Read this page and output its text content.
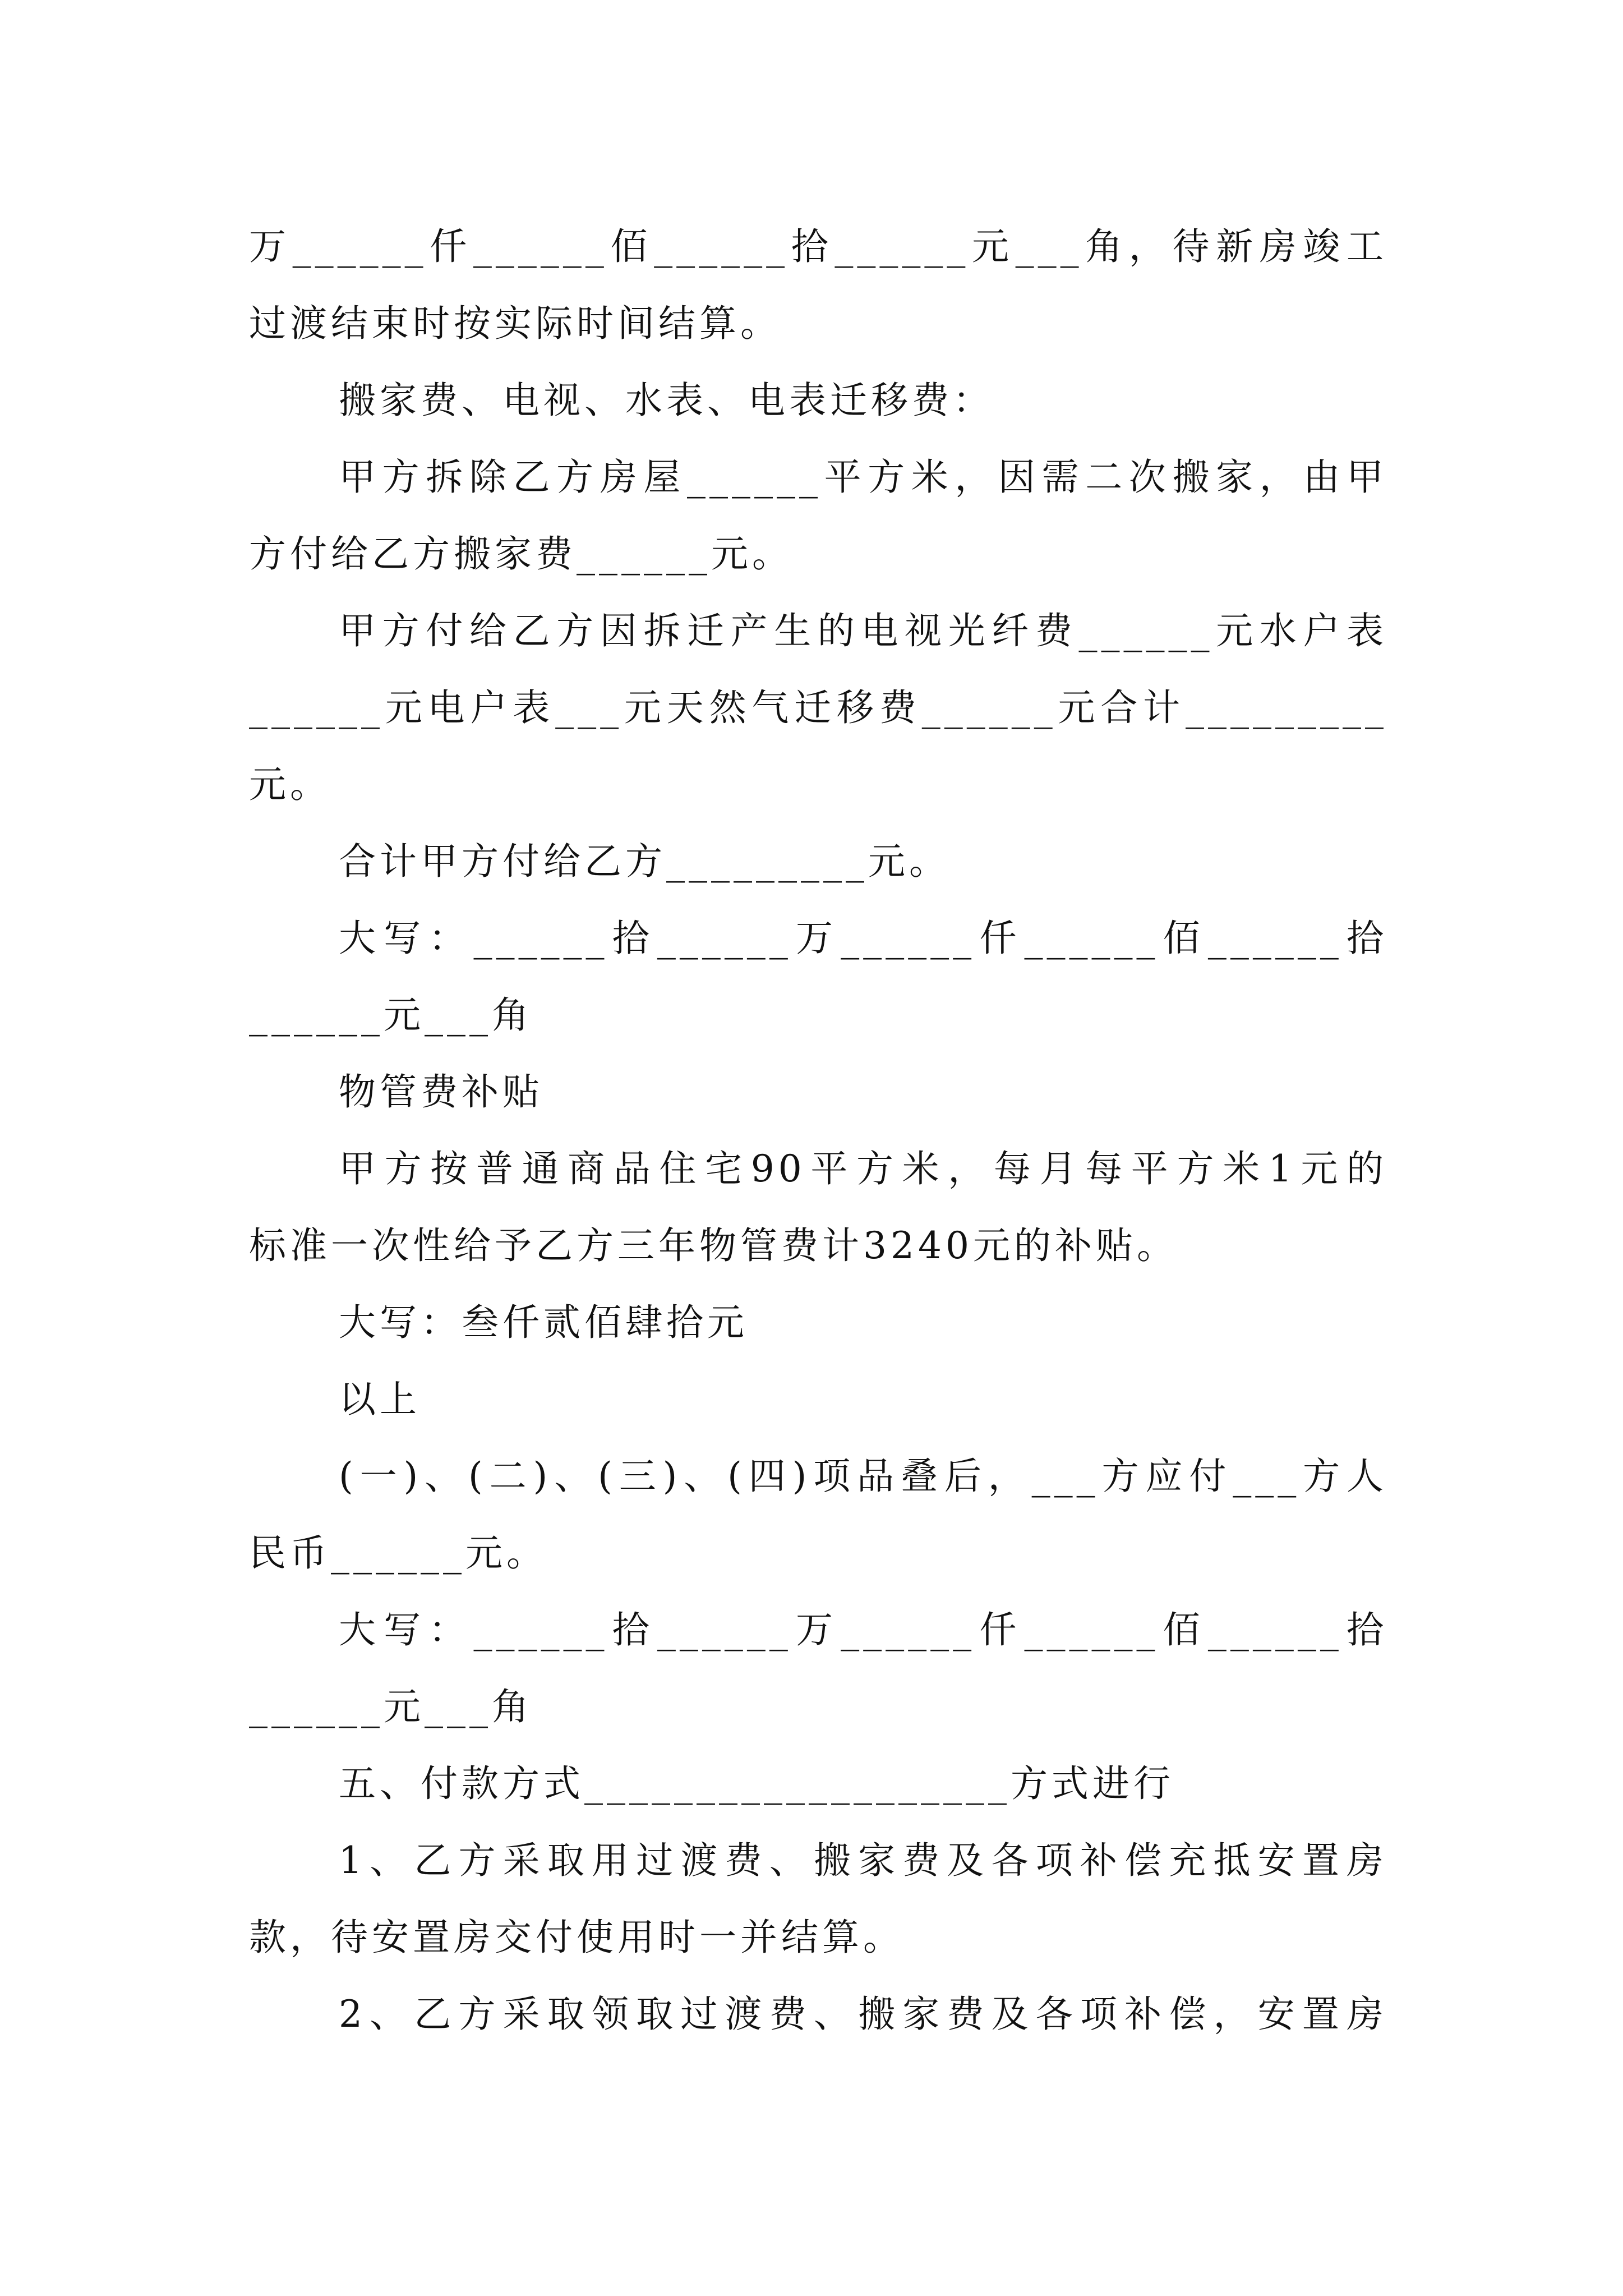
万______仟______佰______拾______元___角，待新房竣工
过渡结束时按实际时间结算。
搬家费、电视、水表、电表迁移费：
甲方拆除乙方房屋______平方米，因需二次搬家，由甲
方付给乙方搬家费______元。
甲方付给乙方因拆迁产生的电视光纤费______元水户表
______元电户表___元天然气迁移费______元合计_________
元。
合计甲方付给乙方_________元。
大写：______拾______万______仟______佰______拾
______元___角
物管费补贴
甲方按普通商品住宅90平方米，每月每平方米1元的
标准一次性给予乙方三年物管费计3240元的补贴。
大写：叁仟贰佰肆拾元
以上
(一)、(二)、(三)、(四)项品叠后，___方应付___方人
民币______元。
大写：______拾______万______仟______佰______拾
______元___角
五、付款方式___________________方式进行
1、乙方采取用过渡费、搬家费及各项补偿充抵安置房
款，待安置房交付使用时一并结算。
2、乙方采取领取过渡费、搬家费及各项补偿，安置房
